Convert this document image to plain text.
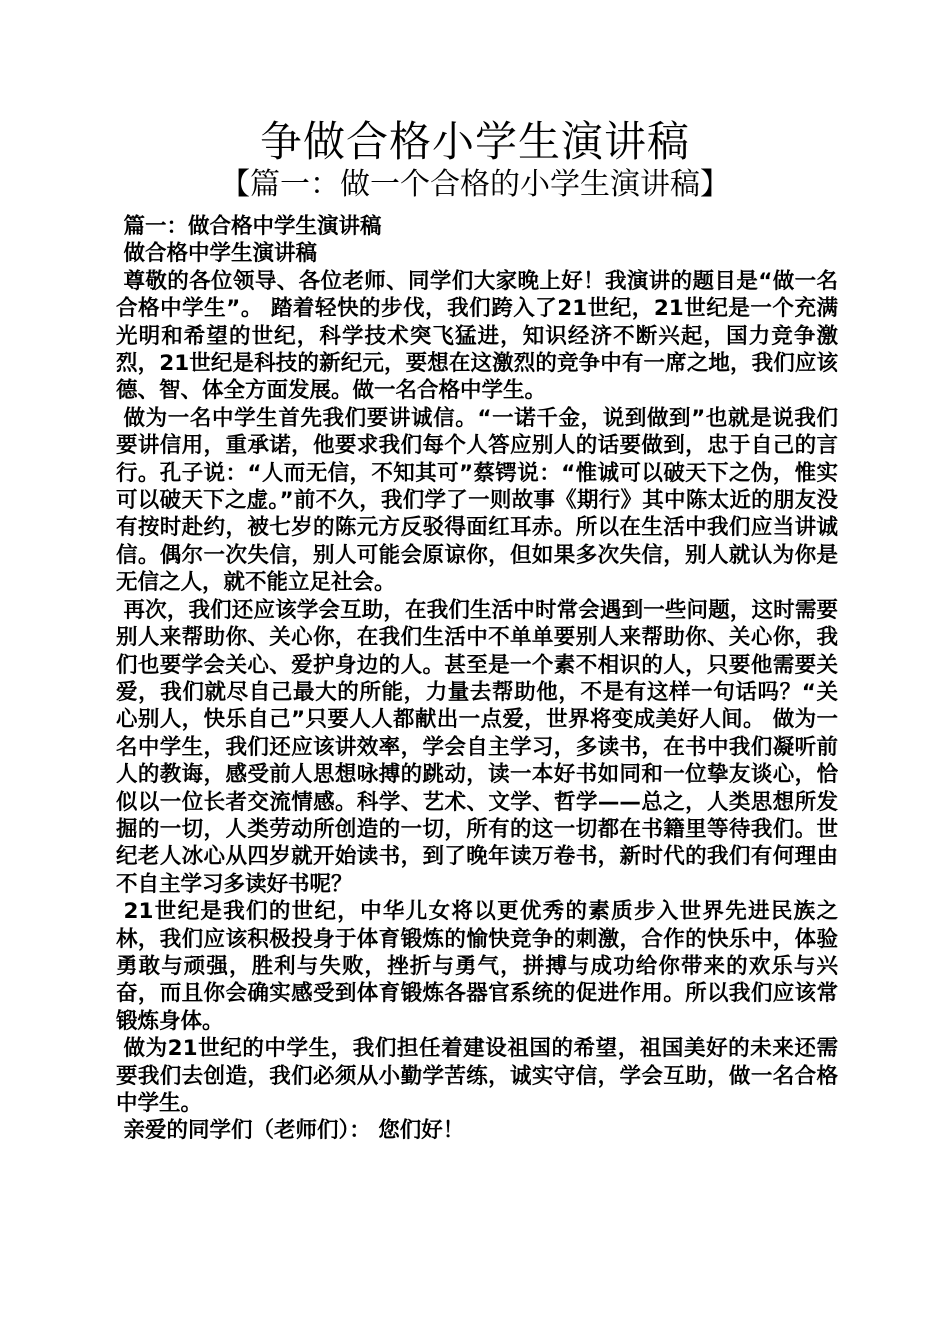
争做合格小学生演讲稿
【篇一：做一个合格的小学生演讲稿】

篇一：做合格中学生演讲稿

做合格中学生演讲稿

尊敬的各位领导、各位老师、同学们大家晚上好！我演讲的题目是“做一名合格中学生”。 踏着轻快的步伐，我们跨入了21世纪，21世纪是一个充满光明和希望的世纪，科学技术突飞猛进，知识经济不断兴起，国力竞争激烈，21世纪是科技的新纪元，要想在这激烈的竞争中有一席之地，我们应该德、智、体全方面发展。做一名合格中学生。

做为一名中学生首先我们要讲诚信。“一诺千金，说到做到”也就是说我们要讲信用，重承诺，他要求我们每个人答应别人的话要做到，忠于自己的言行。孔子说：“人而无信，不知其可”蔡锷说：“惟诚可以破天下之伪，惟实可以破天下之虚。”前不久，我们学了一则故事《期行》其中陈太近的朋友没有按时赴约，被七岁的陈元方反驳得面红耳赤。所以在生活中我们应当讲诚信。偶尔一次失信，别人可能会原谅你，但如果多次失信，别人就认为你是无信之人，就不能立足社会。

再次，我们还应该学会互助，在我们生活中时常会遇到一些问题，这时需要别人来帮助你、关心你，在我们生活中不单单要别人来帮助你、关心你，我们也要学会关心、爱护身边的人。甚至是一个素不相识的人，只要他需要关爱，我们就尽自己最大的所能，力量去帮助他，不是有这样一句话吗？“关心别人，快乐自己”只要人人都献出一点爱，世界将变成美好人间。 做为一名中学生，我们还应该讲效率，学会自主学习，多读书，在书中我们凝听前人的教诲，感受前人思想咏搏的跳动，读一本好书如同和一位挚友谈心，恰似以一位长者交流情感。科学、艺术、文学、哲学——总之，人类思想所发掘的一切，人类劳动所创造的一切，所有的这一切都在书籍里等待我们。世纪老人冰心从四岁就开始读书，到了晚年读万卷书，新时代的我们有何理由不自主学习多读好书呢？

21世纪是我们的世纪，中华儿女将以更优秀的素质步入世界先进民族之林，我们应该积极投身于体育锻炼的愉快竞争的刺激，合作的快乐中，体验勇敢与顽强，胜利与失败，挫折与勇气，拼搏与成功给你带来的欢乐与兴奋，而且你会确实感受到体育锻炼各器官系统的促进作用。所以我们应该常锻炼身体。

做为21世纪的中学生，我们担任着建设祖国的希望，祖国美好的未来还需要我们去创造，我们必须从小勤学苦练，诚实守信，学会互助，做一名合格中学生。

亲爱的同学们（老师们）： 您们好！
